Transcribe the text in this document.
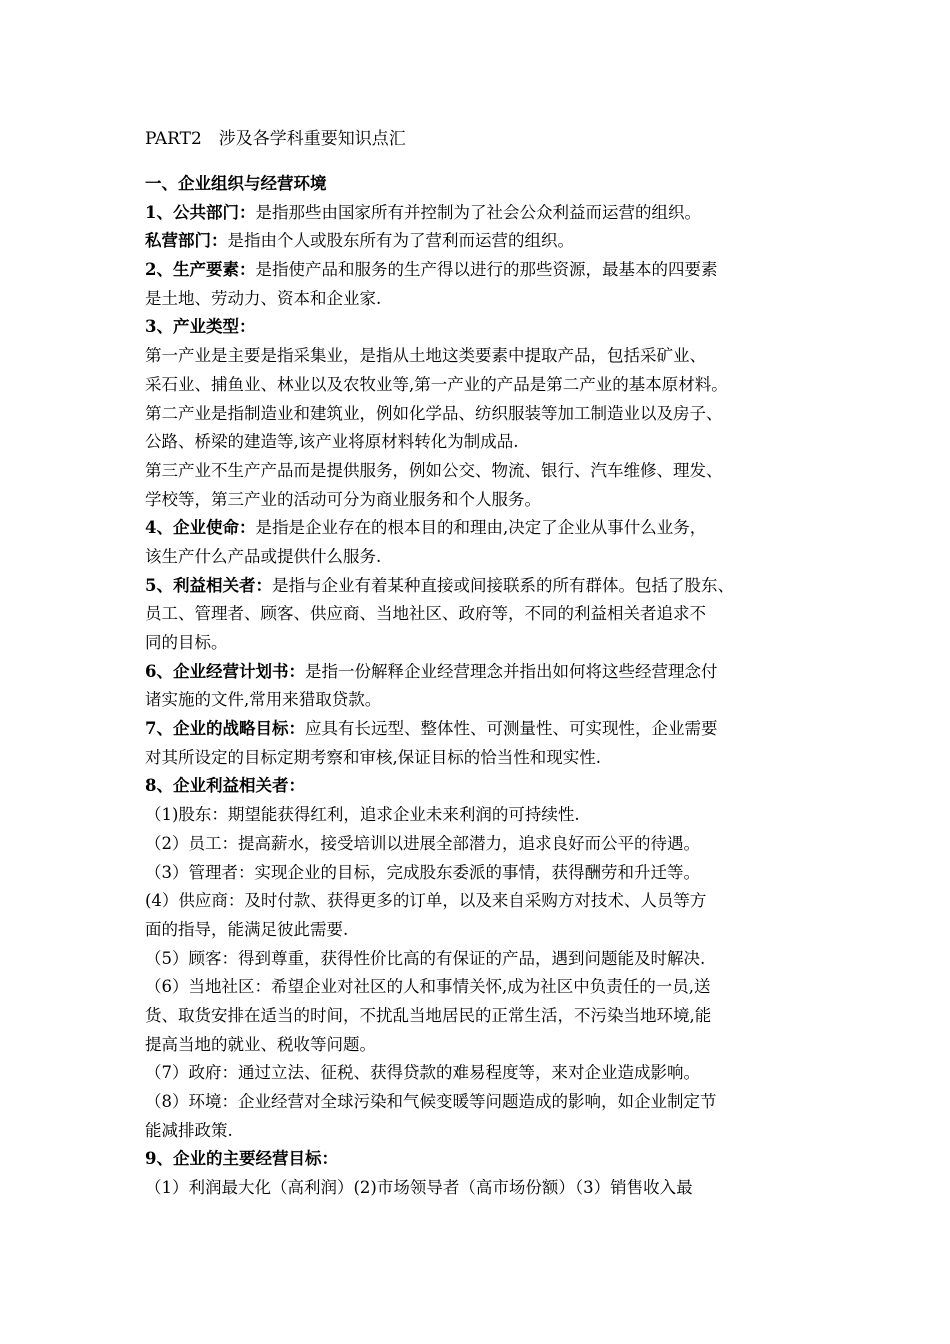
PART2　涉及各学科重要知识点汇
一、企业组织与经营环境
1、公共部门：是指那些由国家所有并控制为了社会公众利益而运营的组织。
私营部门：是指由个人或股东所有为了营利而运营的组织。
2、生产要素：是指使产品和服务的生产得以进行的那些资源，最基本的四要素
是土地、劳动力、资本和企业家.
3、产业类型：
第一产业是主要是指采集业，是指从土地这类要素中提取产品，包括采矿业、
采石业、捕鱼业、林业以及农牧业等,第一产业的产品是第二产业的基本原材料。
第二产业是指制造业和建筑业，例如化学品、纺织服装等加工制造业以及房子、
公路、桥梁的建造等,该产业将原材料转化为制成品.
第三产业不生产产品而是提供服务，例如公交、物流、银行、汽车维修、理发、
学校等，第三产业的活动可分为商业服务和个人服务。
4、企业使命：是指是企业存在的根本目的和理由,决定了企业从事什么业务，
该生产什么产品或提供什么服务.
5、利益相关者：是指与企业有着某种直接或间接联系的所有群体。包括了股东、
员工、管理者、顾客、供应商、当地社区、政府等，不同的利益相关者追求不
同的目标。
6、企业经营计划书：是指一份解释企业经营理念并指出如何将这些经营理念付
诸实施的文件,常用来猎取贷款。
7、企业的战略目标：应具有长远型、整体性、可测量性、可实现性，企业需要
对其所设定的目标定期考察和审核,保证目标的恰当性和现实性.
8、企业利益相关者：
（1)股东：期望能获得红利，追求企业未来利润的可持续性.
（2）员工：提高薪水，接受培训以进展全部潜力，追求良好而公平的待遇。
（3）管理者：实现企业的目标，完成股东委派的事情，获得酬劳和升迁等。
(4）供应商：及时付款、获得更多的订单，以及来自采购方对技术、人员等方
面的指导，能满足彼此需要.
（5）顾客：得到尊重，获得性价比高的有保证的产品，遇到问题能及时解决.
（6）当地社区：希望企业对社区的人和事情关怀,成为社区中负责任的一员,送
货、取货安排在适当的时间，不扰乱当地居民的正常生活，不污染当地环境,能
提高当地的就业、税收等问题。
（7）政府：通过立法、征税、获得贷款的难易程度等，来对企业造成影响。
（8）环境：企业经营对全球污染和气候变暖等问题造成的影响，如企业制定节
能减排政策.
9、企业的主要经营目标：
（1）利润最大化（高利润）(2)市场领导者（高市场份额）（3）销售收入最
